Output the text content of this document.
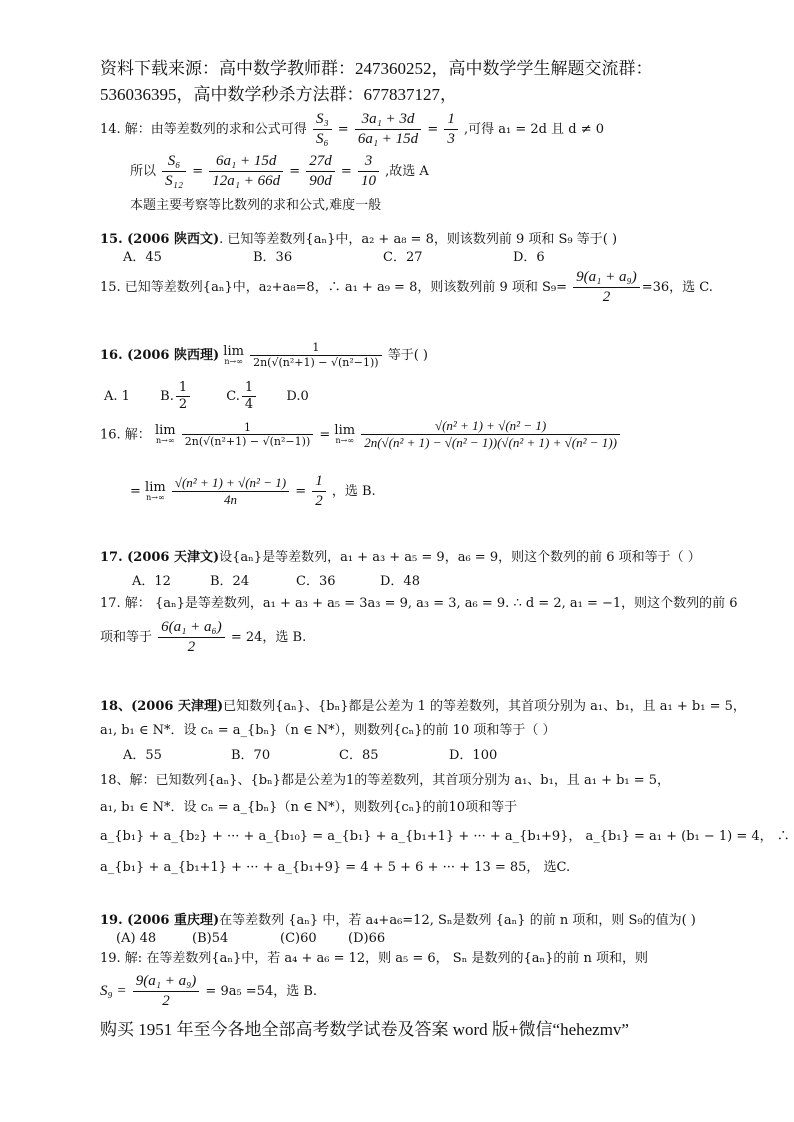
资料下载来源：高中数学教师群：247360252，高中数学学生解题交流群：
536036395，高中数学秒杀方法群：677837127，
14. 解：由等差数列的求和公式可得 $\frac{\text{S₃}}{\text{S₆}} = \frac{\text{3a₁ + 3d}}{\text{6a₁ + 15d}} = \frac{1}{3}$ ,可得 a₁ = 2d 且 d ≠ 0
所以 $\frac{\text{S₆}}{\text{S₁₂}} = \frac{\text{6a₁ + 15d}}{\text{12a₁ + 66d}} = \frac{27d}{90d} = \frac{3}{10}$ ,故选 A
本题主要考察等比数列的求和公式,难度一般
15. (2006 陕西文). 已知等差数列{aₙ}中，a₂ + a₈ = 8，则该数列前 9 项和 S₉ 等于( )
A．45	B．36	C．27	D．6
15. 已知等差数列{aₙ}中，a₂+a₈=8，∴ a₁ + a₉ = 8，则该数列前 9 项和 $S_9= \frac{\text{9(a₁ + a₉)}}{2} =36$，选 C.
16. (2006 陕西理) lim
n→∞
$\frac{1}{\text{2n(√(n²+1) − √(n²−1))}}$ 等于( )
A. 1 B. $\frac{1}{2}$	C. $\frac{1}{4} D.0$
16. 解： lim
n→∞
$\frac{1}{\text{2n(√(n²+1) − √(n²−1))}} = \lim$
n→∞
$\frac{\text{√(n² + 1) + √(n² − 1)}}{\text{2n(√(n² + 1) − √(n² − 1))(√(n² + 1) + √(n² − 1))}}$
= lim
n→∞
$\frac{\text{√(n² + 1) + √(n² − 1)}}{4n} = \frac{1}{2}$ ，选 B.
17. (2006 天津文)设{aₙ}是等差数列，a₁ + a₃ + a₅ = 9，a₆ = 9，则这个数列的前 6 项和等于（ ）
A．12	B．24	C．36	D．48
17. 解： {aₙ}是等差数列，a₁ + a₃ + a₅ = 3a₃ = 9, a₃ = 3, a₆ = 9. ∴ d = 2, a₁ = −1，则这个数列的前 6
项和等于 $\frac{\text{6(a₁ + a₆)}}{2} = 24$，选 B.
18、(2006 天津理)已知数列{aₙ}、{bₙ}都是公差为 1 的等差数列，其首项分别为 a₁、b₁，且 a₁ + b₁ = 5，
a₁, b₁ ∈ N*．设 cₙ = a_{bₙ}（n ∈ N*），则数列{cₙ}的前 10 项和等于（ ）
A．55	B．70	C．85	D．100
18、解：已知数列{aₙ}、{bₙ}都是公差为1的等差数列，其首项分别为 a₁、b₁，且 a₁ + b₁ = 5，
a₁, b₁ ∈ N*．设 cₙ = a_{bₙ}（n ∈ N*），则数列{cₙ}的前10项和等于
a_{b₁} + a_{b₂} + ··· + a_{b₁₀} = a_{b₁} + a_{b₁+1} + ··· + a_{b₁+9}， a_{b₁} = a₁ + (b₁ − 1) = 4， ∴
a_{b₁} + a_{b₁+1} + ··· + a_{b₁+9} = 4 + 5 + 6 + ··· + 13 = 85， 选C.
19. (2006 重庆理)在等差数列 {aₙ} 中，若 a₄+a₆=12, Sₙ是数列 {aₙ} 的前 n 项和，则 S₉的值为( )
(A) 48	(B)54	(C)60 (D)66
19. 解: 在等差数列{aₙ}中，若 a₄ + a₆ = 12，则 a₅ = 6， Sₙ 是数列的{aₙ}的前 n 项和，则
$S_9 = \frac{\text{9(a₁ + a₉)}}{2} = 9a_5 =54$，选 B.
购买 1951 年至今各地全部高考数学试卷及答案 word 版+微信“hehezmv”
